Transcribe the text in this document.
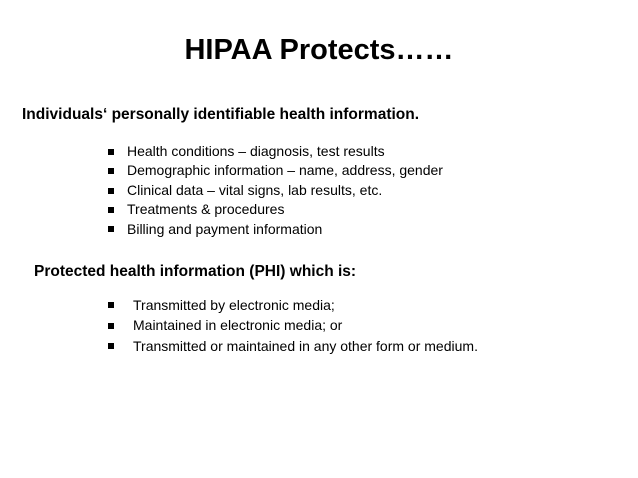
HIPAA Protects……
Individuals‘ personally identifiable health information.
Health conditions – diagnosis, test results
Demographic information – name, address, gender
Clinical data – vital signs, lab results, etc.
Treatments & procedures
Billing and payment information
Protected health information (PHI) which is:
Transmitted by electronic media;
Maintained in electronic media; or
Transmitted or maintained in any other form or medium.
